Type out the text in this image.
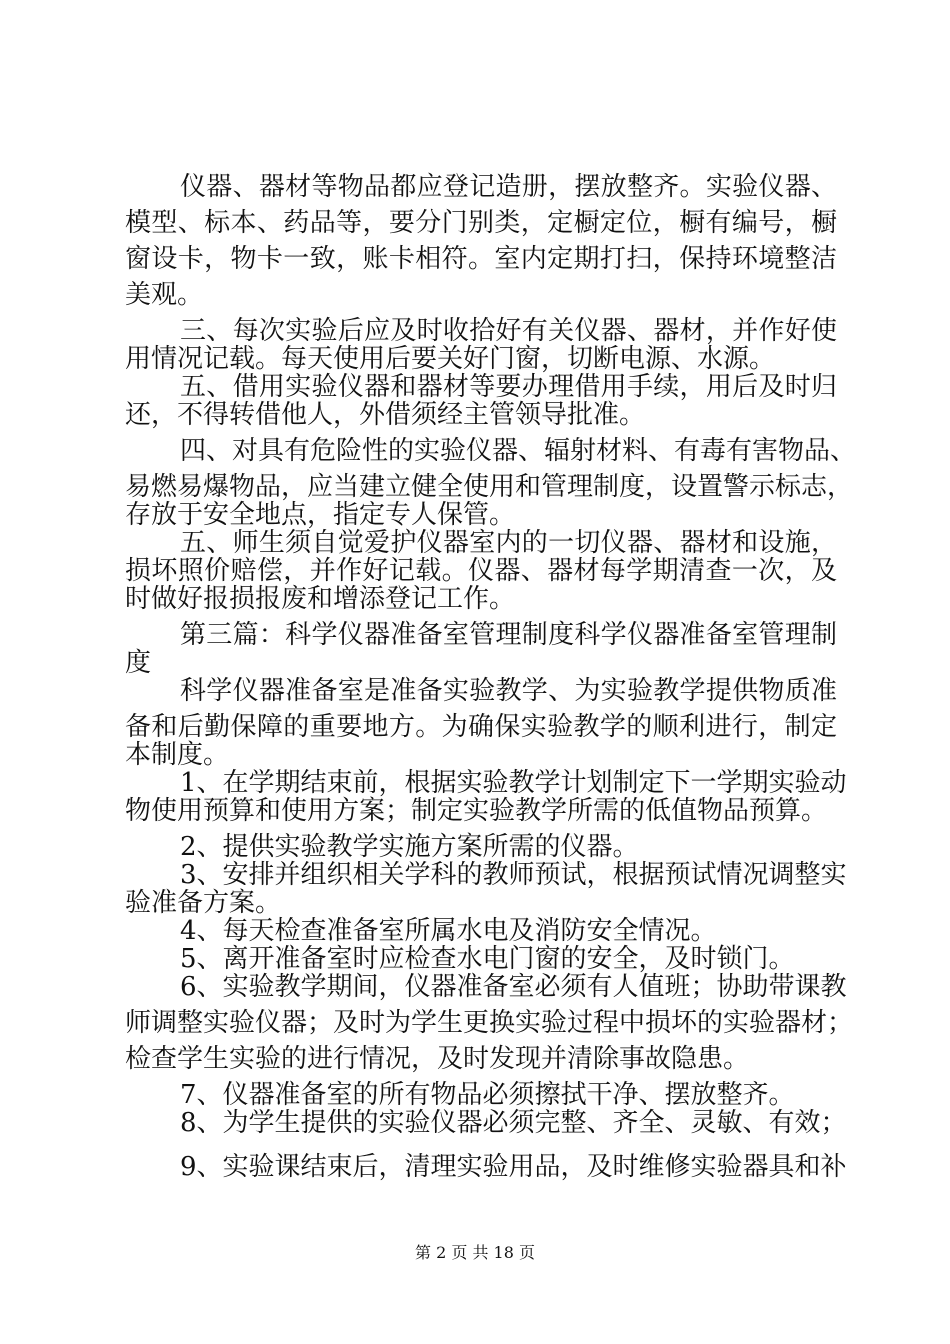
仪器、器材等物品都应登记造册，摆放整齐。实验仪器、
模型、标本、药品等，要分门别类，定橱定位，橱有编号，橱
窗设卡，物卡一致，账卡相符。室内定期打扫，保持环境整洁
美观。
三、每次实验后应及时收拾好有关仪器、器材，并作好使
用情况记载。每天使用后要关好门窗，切断电源、水源。
五、借用实验仪器和器材等要办理借用手续，用后及时归
还，不得转借他人，外借须经主管领导批准。
四、对具有危险性的实验仪器、辐射材料、有毒有害物品、
易燃易爆物品，应当建立健全使用和管理制度，设置警示标志，
存放于安全地点，指定专人保管。
五、师生须自觉爱护仪器室内的一切仪器、器材和设施，
损坏照价赔偿，并作好记载。仪器、器材每学期清查一次，及
时做好报损报废和增添登记工作。
第三篇：科学仪器准备室管理制度科学仪器准备室管理制
度
科学仪器准备室是准备实验教学、为实验教学提供物质准
备和后勤保障的重要地方。为确保实验教学的顺利进行，制定
本制度。
1、在学期结束前，根据实验教学计划制定下一学期实验动
物使用预算和使用方案；制定实验教学所需的低值物品预算。
2、提供实验教学实施方案所需的仪器。
3、安排并组织相关学科的教师预试，根据预试情况调整实
验准备方案。
4、每天检查准备室所属水电及消防安全情况。
5、离开准备室时应检查水电门窗的安全，及时锁门。
6、实验教学期间，仪器准备室必须有人值班；协助带课教
师调整实验仪器；及时为学生更换实验过程中损坏的实验器材；
检查学生实验的进行情况，及时发现并清除事故隐患。
7、仪器准备室的所有物品必须擦拭干净、摆放整齐。
8、为学生提供的实验仪器必须完整、齐全、灵敏、有效；
9、实验课结束后，清理实验用品，及时维修实验器具和补
第 2 页 共 18 页
